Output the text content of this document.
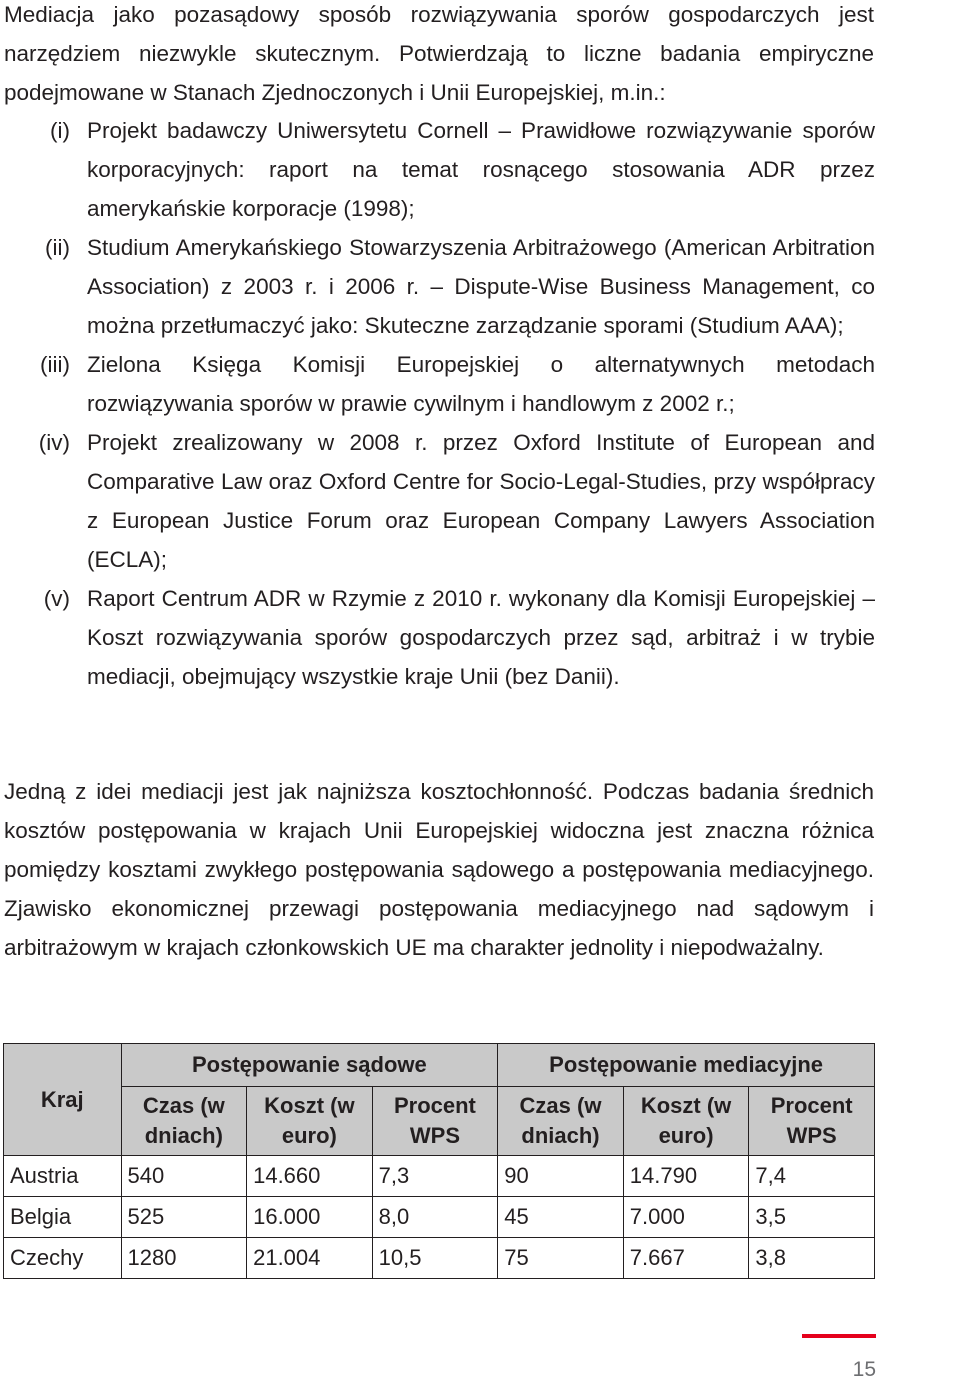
Mediacja jako pozasądowy sposób rozwiązywania sporów gospodarczych jest narzędziem niezwykle skutecznym. Potwierdzają to liczne badania empiryczne podejmowane w Stanach Zjednoczonych i Unii Europejskiej, m.in.:

(i) Projekt badawczy Uniwersytetu Cornell – Prawidłowe rozwiązywanie sporów korporacyjnych: raport na temat rosnącego stosowania ADR przez amerykańskie korporacje (1998);
(ii) Studium Amerykańskiego Stowarzyszenia Arbitrażowego (American Arbitration Association) z 2003 r. i 2006 r. – Dispute-Wise Business Management, co można przetłumaczyć jako: Skuteczne zarządzanie sporami (Studium AAA);
(iii) Zielona Księga Komisji Europejskiej o alternatywnych metodach rozwiązywania sporów w prawie cywilnym i handlowym z 2002 r.;
(iv) Projekt zrealizowany w 2008 r. przez Oxford Institute of European and Comparative Law oraz Oxford Centre for Socio-Legal-Studies, przy współpracy z European Justice Forum oraz European Company Lawyers Association (ECLA);
(v) Raport Centrum ADR w Rzymie z 2010 r. wykonany dla Komisji Europejskiej – Koszt rozwiązywania sporów gospodarczych przez sąd, arbitraż i w trybie mediacji, obejmujący wszystkie kraje Unii (bez Danii).

Jedną z idei mediacji jest jak najniższa kosztochłonność. Podczas badania średnich kosztów postępowania w krajach Unii Europejskiej widoczna jest znaczna różnica pomiędzy kosztami zwykłego postępowania sądowego a postępowania mediacyjnego. Zjawisko ekonomicznej przewagi postępowania mediacyjnego nad sądowym i arbitrażowym w krajach członkowskich UE ma charakter jednolity i niepodważalny.

Kraj	Postępowanie sądowe			Postępowanie mediacyjne		
	Czas (w dniach)	Koszt (w euro)	Procent WPS	Czas (w dniach)	Koszt (w euro)	Procent WPS
Austria	540	14.660	7,3	90	14.790	7,4
Belgia	525	16.000	8,0	45	7.000	3,5
Czechy	1280	21.004	10,5	75	7.667	3,8
15
